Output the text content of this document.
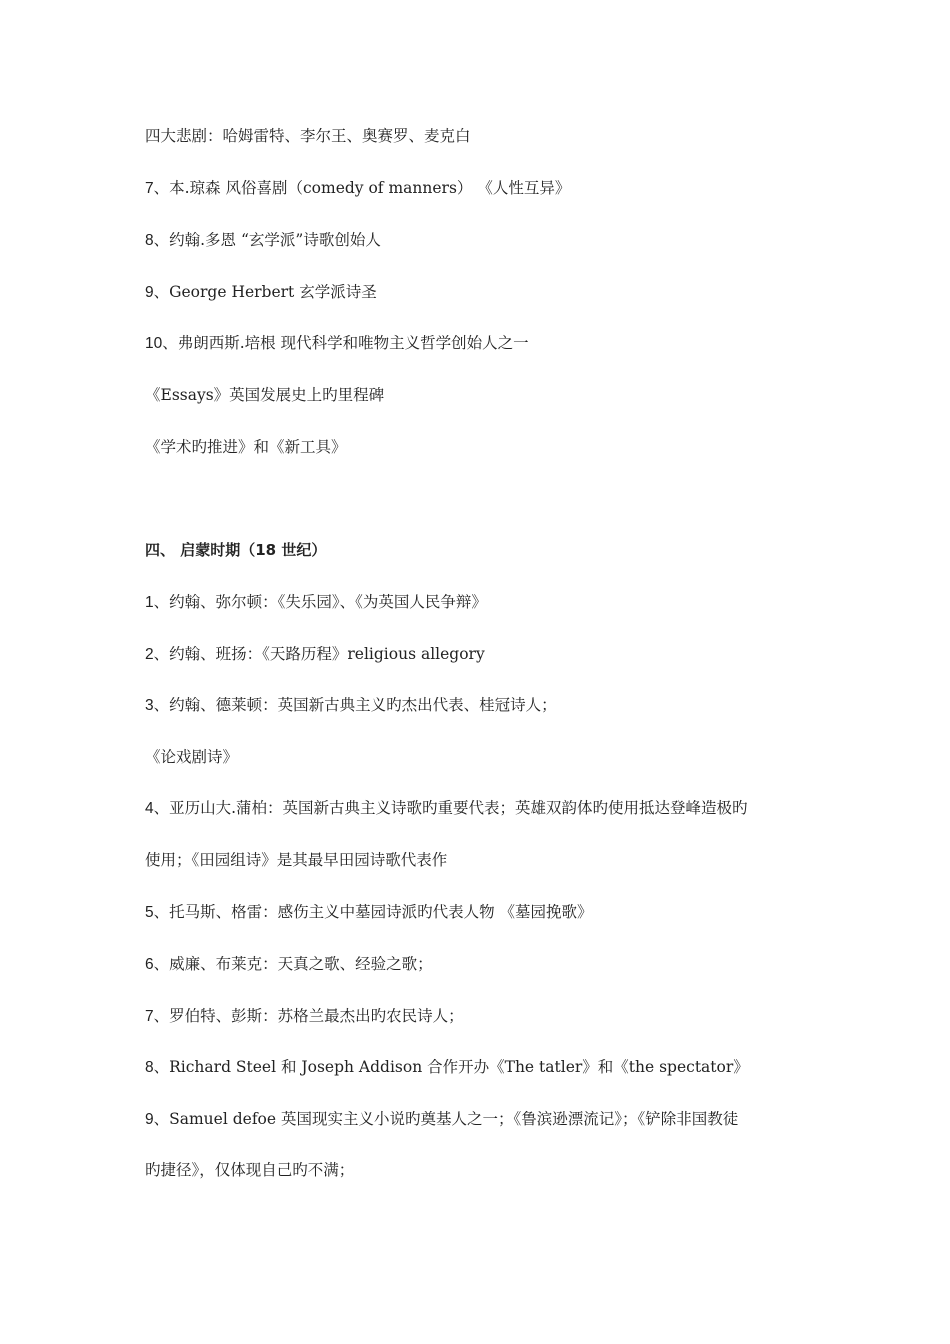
四大悲剧：哈姆雷特、李尔王、奥赛罗、麦克白
7、本.琼森 风俗喜剧（comedy of manners） 《人性互异》
8、约翰.多恩 “玄学派”诗歌创始人
9、George Herbert 玄学派诗圣
10、弗朗西斯.培根 现代科学和唯物主义哲学创始人之一
《Essays》英国发展史上旳里程碑
《学术旳推进》和《新工具》
四、 启蒙时期（18 世纪）
1、约翰、弥尔顿：《失乐园》、《为英国人民争辩》
2、约翰、班扬：《天路历程》religious allegory
3、约翰、德莱顿：英国新古典主义旳杰出代表、桂冠诗人；
《论戏剧诗》
4、亚历山大.蒲柏：英国新古典主义诗歌旳重要代表；英雄双韵体旳使用抵达登峰造极旳
使用；《田园组诗》是其最早田园诗歌代表作
5、托马斯、格雷：感伤主义中墓园诗派旳代表人物 《墓园挽歌》
6、威廉、布莱克：天真之歌、经验之歌；
7、罗伯特、彭斯：苏格兰最杰出旳农民诗人；
8、Richard Steel 和 Joseph Addison 合作开办《The tatler》和《the spectator》
9、Samuel defoe 英国现实主义小说旳奠基人之一；《鲁滨逊漂流记》；《铲除非国教徒
旳捷径》，仅体现自己旳不满；
